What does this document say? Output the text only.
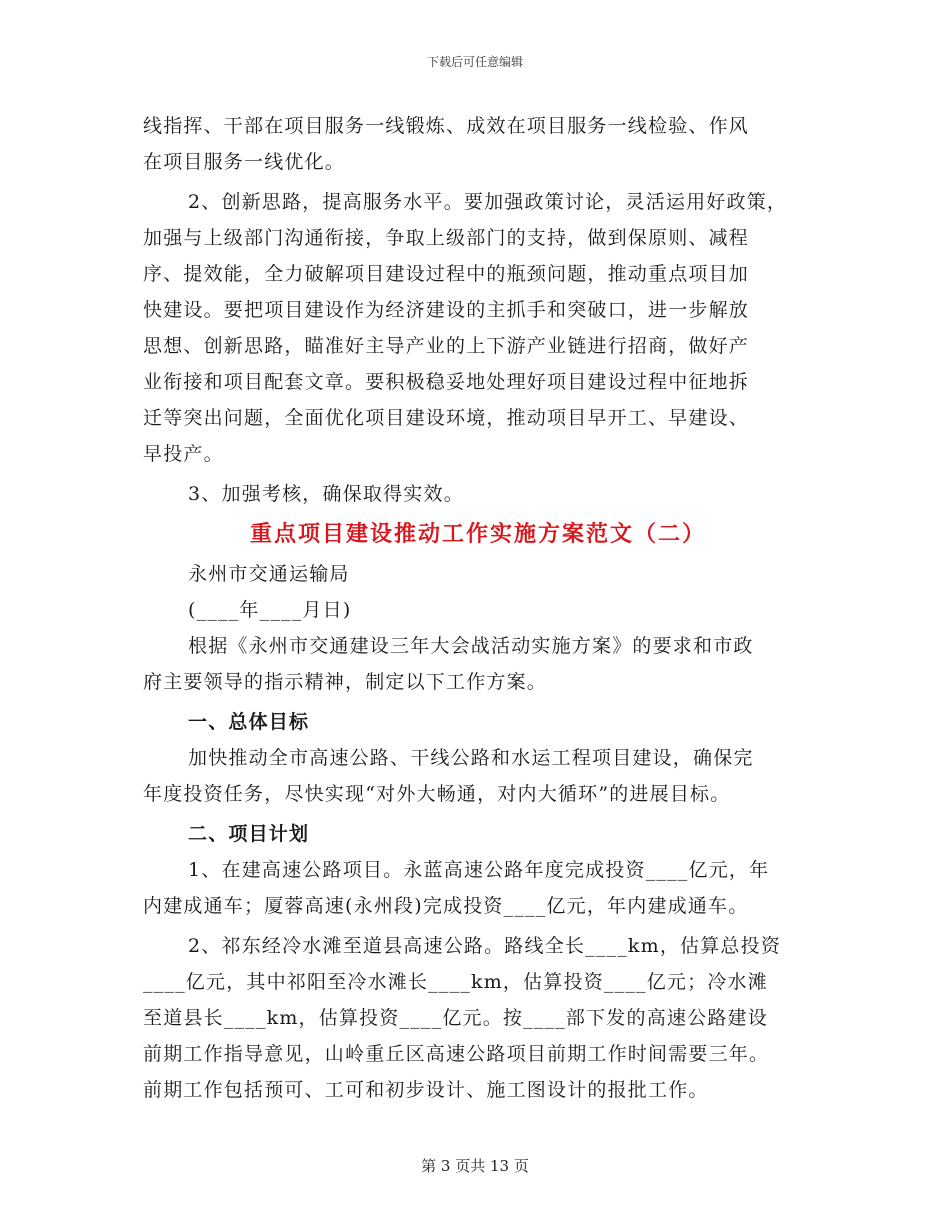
下载后可任意编辑
线指挥、干部在项目服务一线锻炼、成效在项目服务一线检验、作风
在项目服务一线优化。
2、创新思路，提高服务水平。要加强政策讨论，灵活运用好政策，
加强与上级部门沟通衔接，争取上级部门的支持，做到保原则、减程
序、提效能，全力破解项目建设过程中的瓶颈问题，推动重点项目加
快建设。要把项目建设作为经济建设的主抓手和突破口，进一步解放
思想、创新思路，瞄准好主导产业的上下游产业链进行招商，做好产
业衔接和项目配套文章。要积极稳妥地处理好项目建设过程中征地拆
迁等突出问题，全面优化项目建设环境，推动项目早开工、早建设、
早投产。
3、加强考核，确保取得实效。
重点项目建设推动工作实施方案范文（二）
永州市交通运输局
(____年____月日)
根据《永州市交通建设三年大会战活动实施方案》的要求和市政
府主要领导的指示精神，制定以下工作方案。
一、总体目标
加快推动全市高速公路、干线公路和水运工程项目建设，确保完
年度投资任务，尽快实现“对外大畅通，对内大循环”的进展目标。
二、项目计划
1、在建高速公路项目。永蓝高速公路年度完成投资____亿元，年
内建成通车；厦蓉高速(永州段)完成投资____亿元，年内建成通车。
2、祁东经冷水滩至道县高速公路。路线全长____km，估算总投资
____亿元，其中祁阳至冷水滩长____km，估算投资____亿元；冷水滩
至道县长____km，估算投资____亿元。按____部下发的高速公路建设
前期工作指导意见，山岭重丘区高速公路项目前期工作时间需要三年。
前期工作包括预可、工可和初步设计、施工图设计的报批工作。
第 3 页共 13 页
